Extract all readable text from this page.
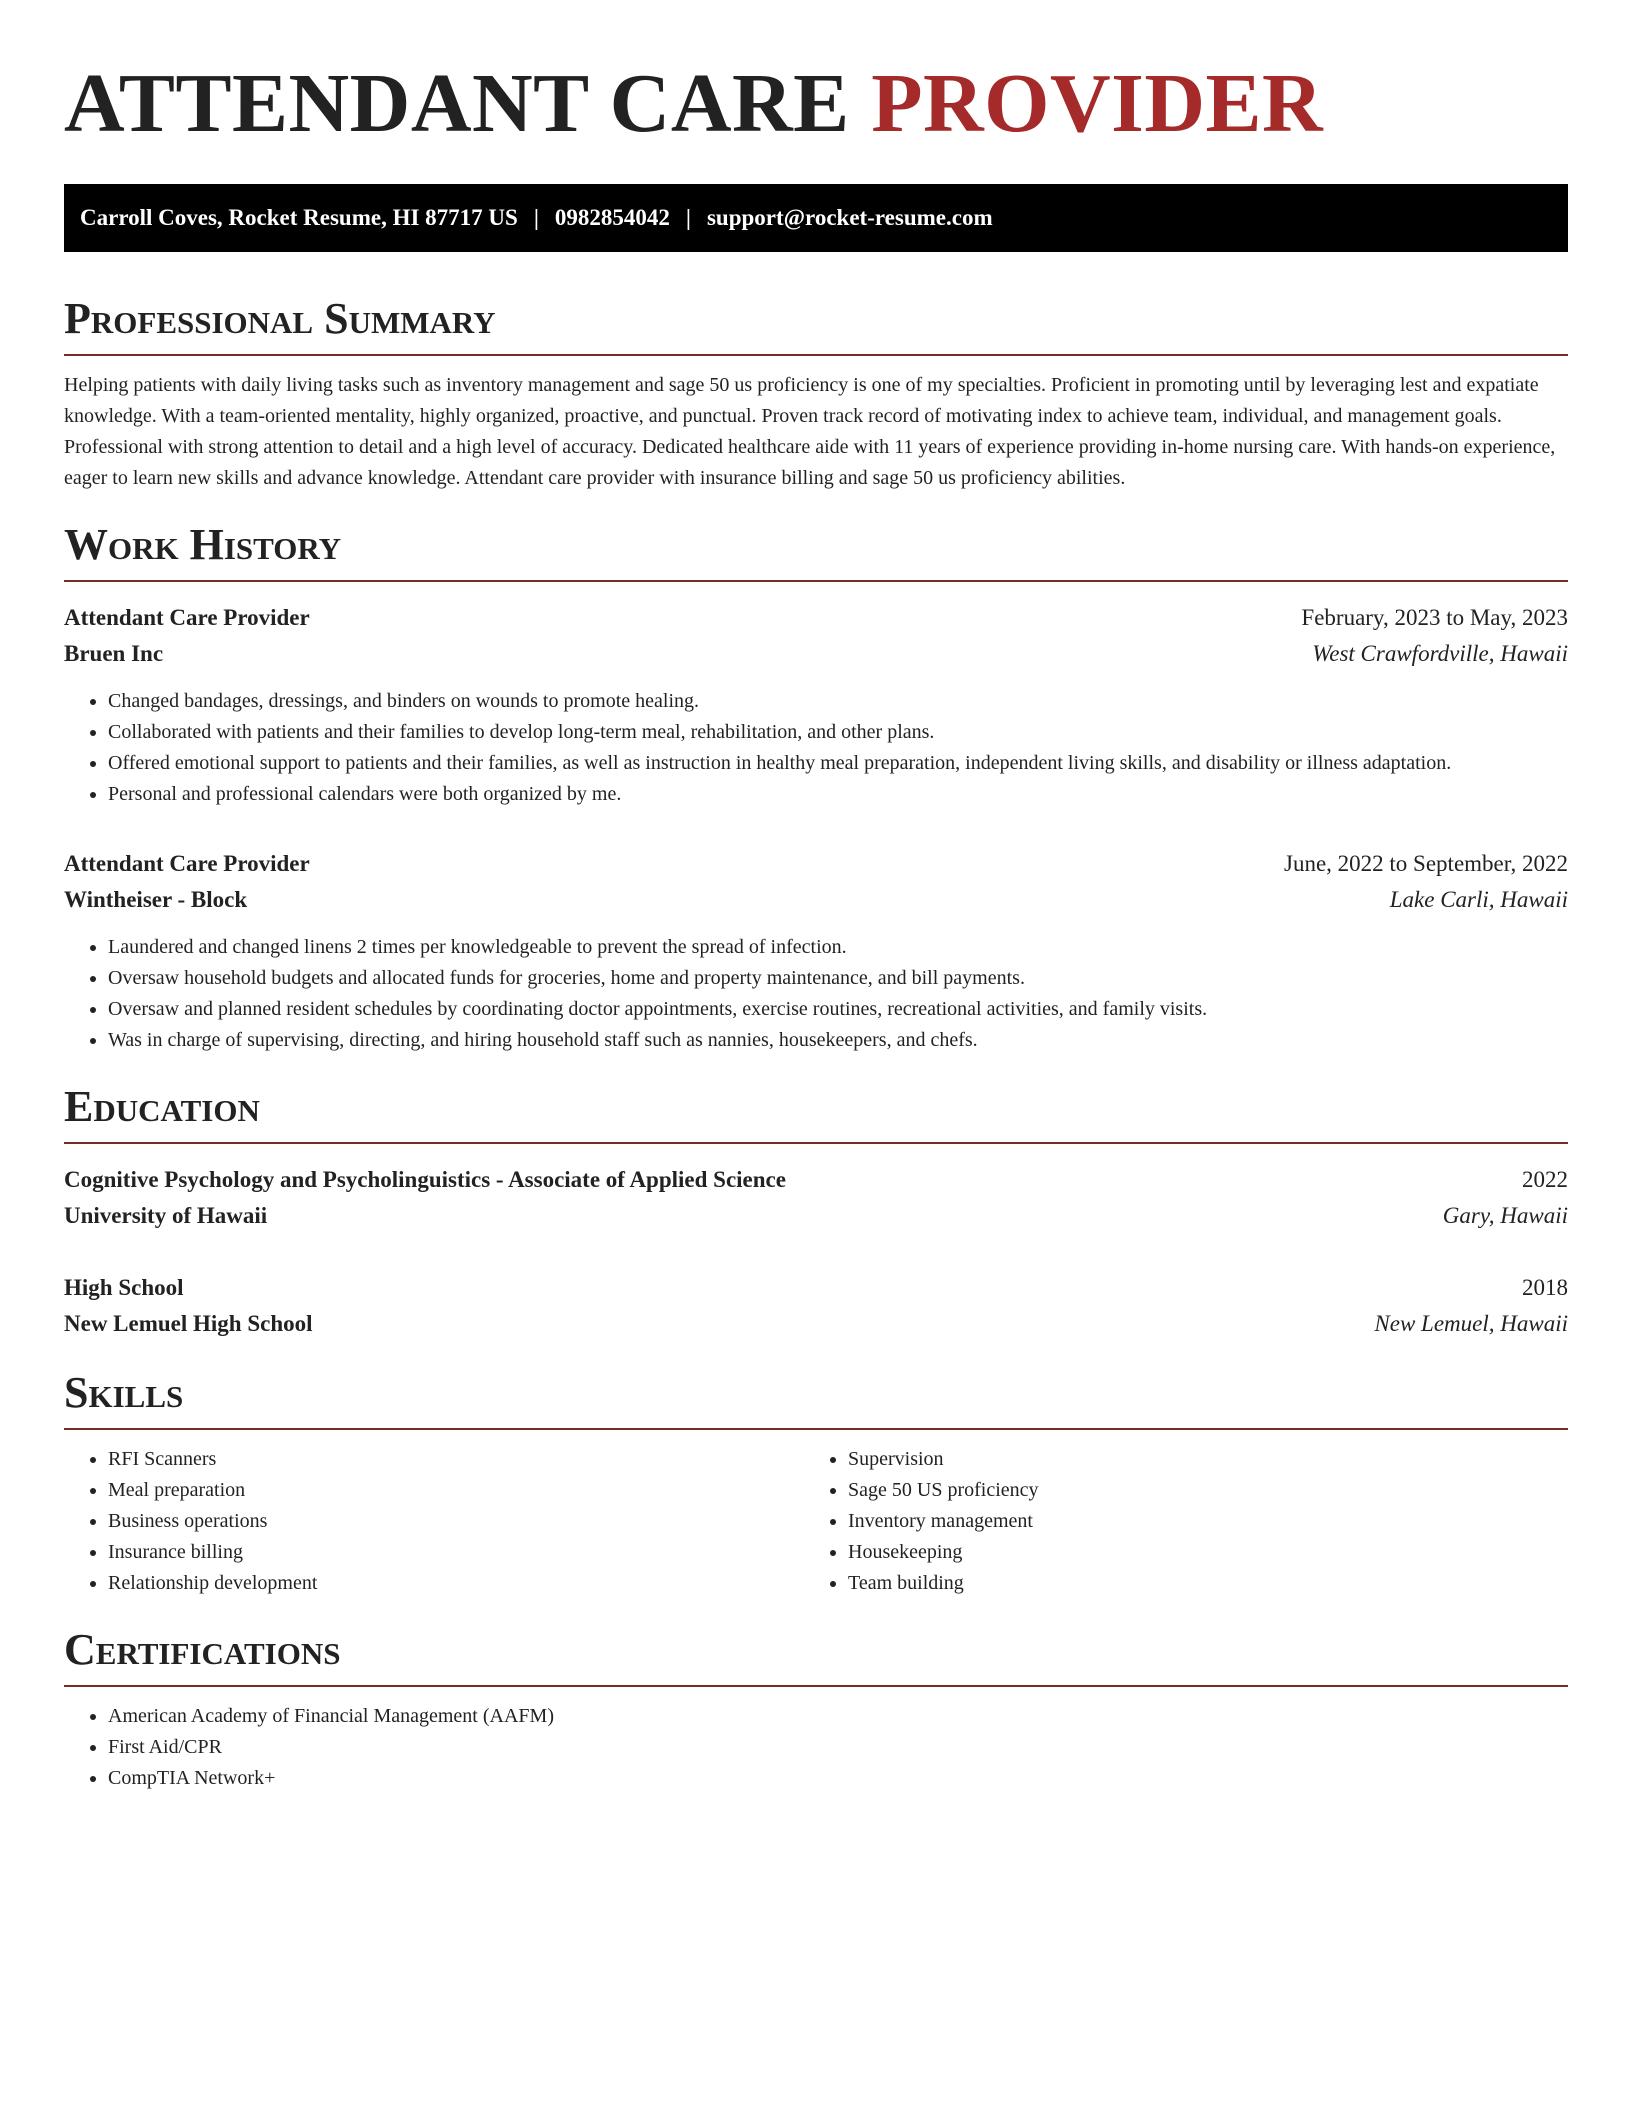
ATTENDANT CARE PROVIDER
Carroll Coves, Rocket Resume, HI 87717 US | 0982854042 | support@rocket-resume.com
Professional Summary

Helping patients with daily living tasks such as inventory management and sage 50 us proficiency is one of my specialties. Proficient in promoting until by leveraging lest and expatiate knowledge. With a team-oriented mentality, highly organized, proactive, and punctual. Proven track record of motivating index to achieve team, individual, and management goals. Professional with strong attention to detail and a high level of accuracy. Dedicated healthcare aide with 11 years of experience providing in-home nursing care. With hands-on experience, eager to learn new skills and advance knowledge. Attendant care provider with insurance billing and sage 50 us proficiency abilities.

Work History
Attendant Care Provider	February, 2023 to May, 2023
Bruen Inc	West Crawfordville, Hawaii
• Changed bandages, dressings, and binders on wounds to promote healing.
• Collaborated with patients and their families to develop long-term meal, rehabilitation, and other plans.
• Offered emotional support to patients and their families, as well as instruction in healthy meal preparation, independent living skills, and disability or illness adaptation.
• Personal and professional calendars were both organized by me.
Attendant Care Provider	June, 2022 to September, 2022
Wintheiser - Block	Lake Carli, Hawaii
• Laundered and changed linens 2 times per knowledgeable to prevent the spread of infection.
• Oversaw household budgets and allocated funds for groceries, home and property maintenance, and bill payments.
• Oversaw and planned resident schedules by coordinating doctor appointments, exercise routines, recreational activities, and family visits.
• Was in charge of supervising, directing, and hiring household staff such as nannies, housekeepers, and chefs.
Education
Cognitive Psychology and Psycholinguistics - Associate of Applied Science	2022
University of Hawaii	Gary, Hawaii
High School	2018
New Lemuel High School	New Lemuel, Hawaii
Skills
• RFI Scanners
• Meal preparation
• Business operations
• Insurance billing
• Relationship development
• Supervision
• Sage 50 US proficiency
• Inventory management
• Housekeeping
• Team building
Certifications
• American Academy of Financial Management (AAFM)
• First Aid/CPR
• CompTIA Network+
